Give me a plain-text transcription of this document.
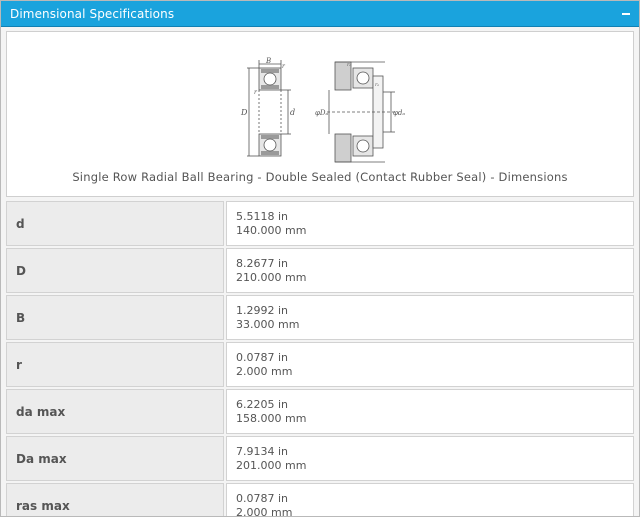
Dimensional Specifications
B
r
r
D	d
rₐ
rₐ
φDₐ	φdₐ
Single Row Radial Ball Bearing - Double Sealed (Contact Rubber Seal) - Dimensions
d
5.5118 in
140.000 mm
D
8.2677 in
210.000 mm
B
1.2992 in
33.000 mm
r
0.0787 in
2.000 mm
da max
6.2205 in
158.000 mm
Da max
7.9134 in
201.000 mm
ras max
0.0787 in
2.000 mm
